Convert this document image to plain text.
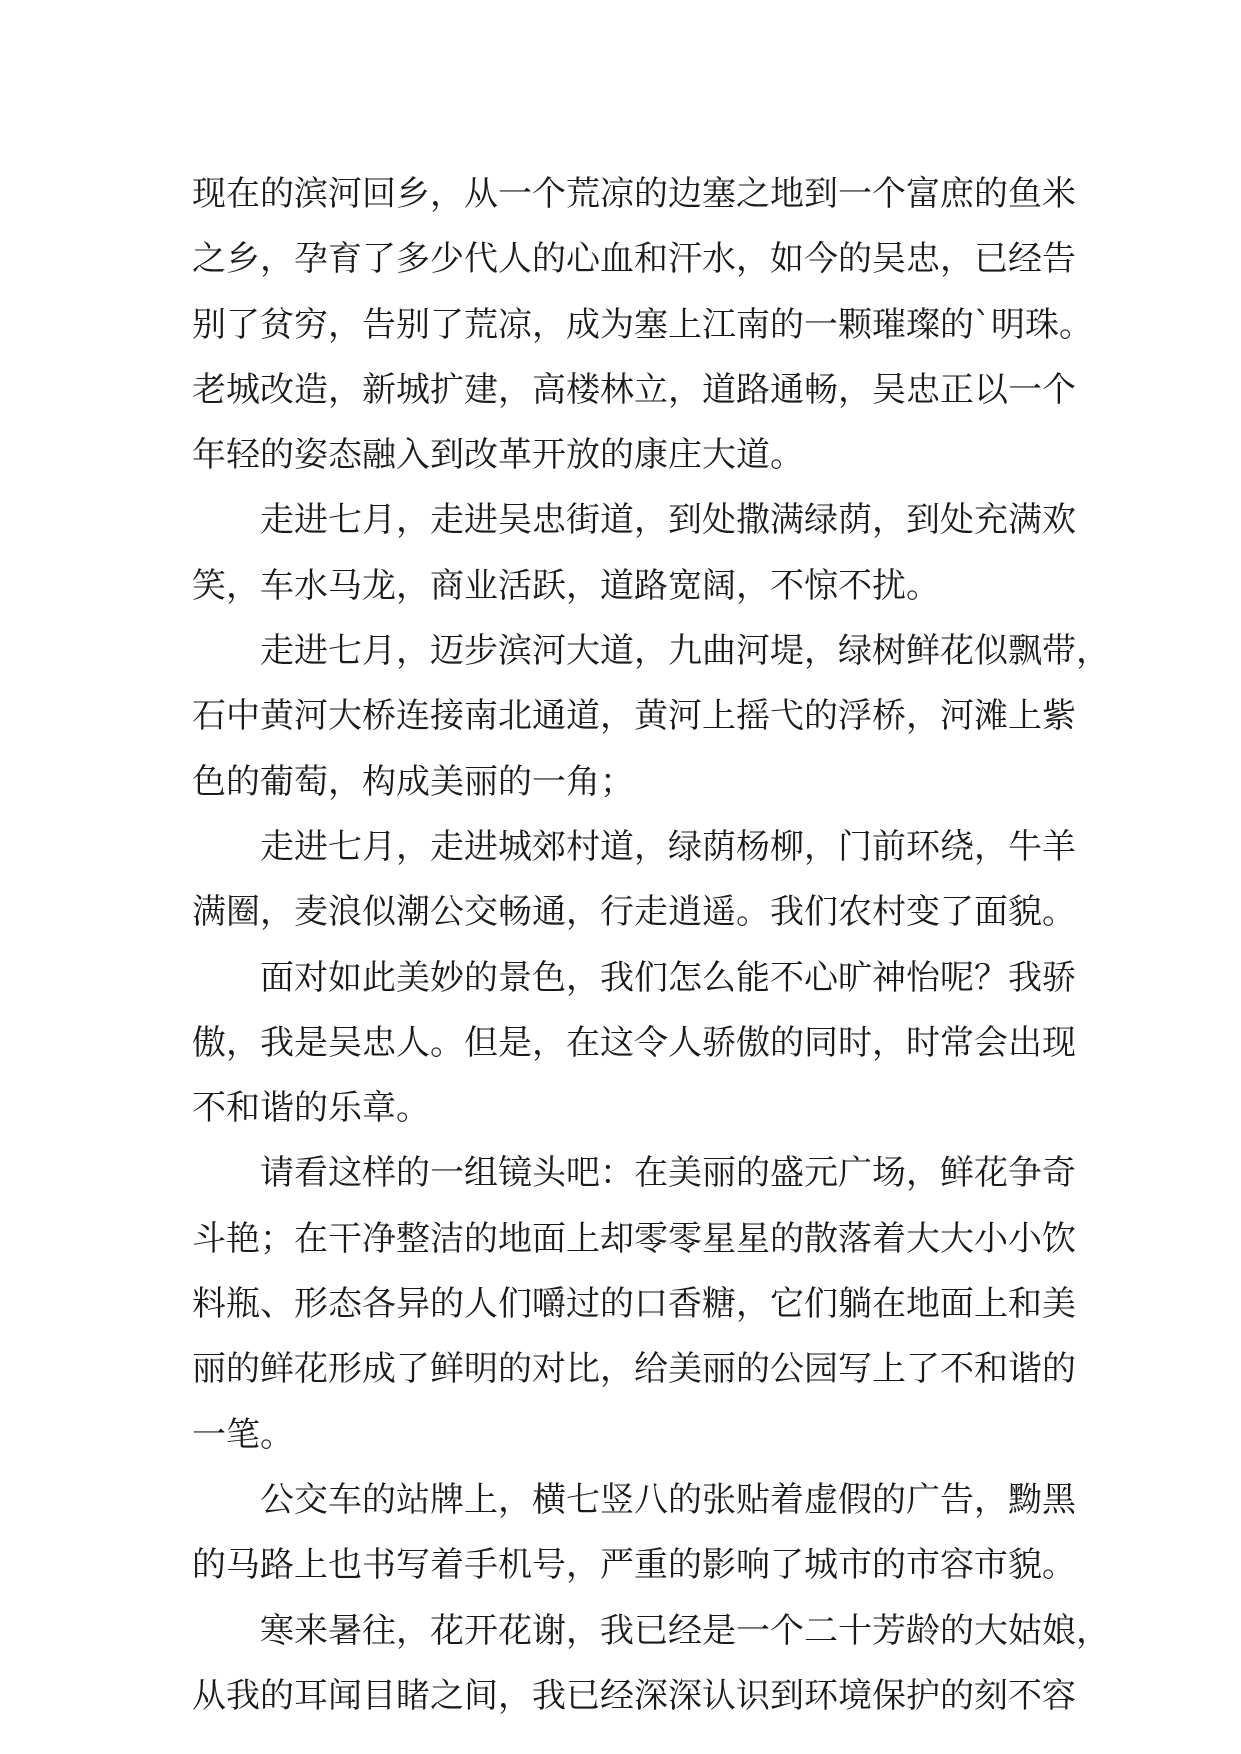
现在的滨河回乡，从一个荒凉的边塞之地到一个富庶的鱼米
之乡，孕育了多少代人的心血和汗水，如今的吴忠，已经告
别了贫穷，告别了荒凉，成为塞上江南的一颗璀璨的`明珠。
老城改造，新城扩建，高楼林立，道路通畅，吴忠正以一个
年轻的姿态融入到改革开放的康庄大道。
走进七月，走进吴忠街道，到处撒满绿荫，到处充满欢
笑，车水马龙，商业活跃，道路宽阔，不惊不扰。
走进七月，迈步滨河大道，九曲河堤，绿树鲜花似飘带，
石中黄河大桥连接南北通道，黄河上摇弋的浮桥，河滩上紫
色的葡萄，构成美丽的一角；
走进七月，走进城郊村道，绿荫杨柳，门前环绕，牛羊
满圈，麦浪似潮公交畅通，行走逍遥。我们农村变了面貌。
面对如此美妙的景色，我们怎么能不心旷神怡呢？我骄
傲，我是吴忠人。但是，在这令人骄傲的同时，时常会出现
不和谐的乐章。
请看这样的一组镜头吧：在美丽的盛元广场，鲜花争奇
斗艳；在干净整洁的地面上却零零星星的散落着大大小小饮
料瓶、形态各异的人们嚼过的口香糖，它们躺在地面上和美
丽的鲜花形成了鲜明的对比，给美丽的公园写上了不和谐的
一笔。
公交车的站牌上，横七竖八的张贴着虚假的广告，黝黑
的马路上也书写着手机号，严重的影响了城市的市容市貌。
寒来暑往，花开花谢，我已经是一个二十芳龄的大姑娘，
从我的耳闻目睹之间，我已经深深认识到环境保护的刻不容
